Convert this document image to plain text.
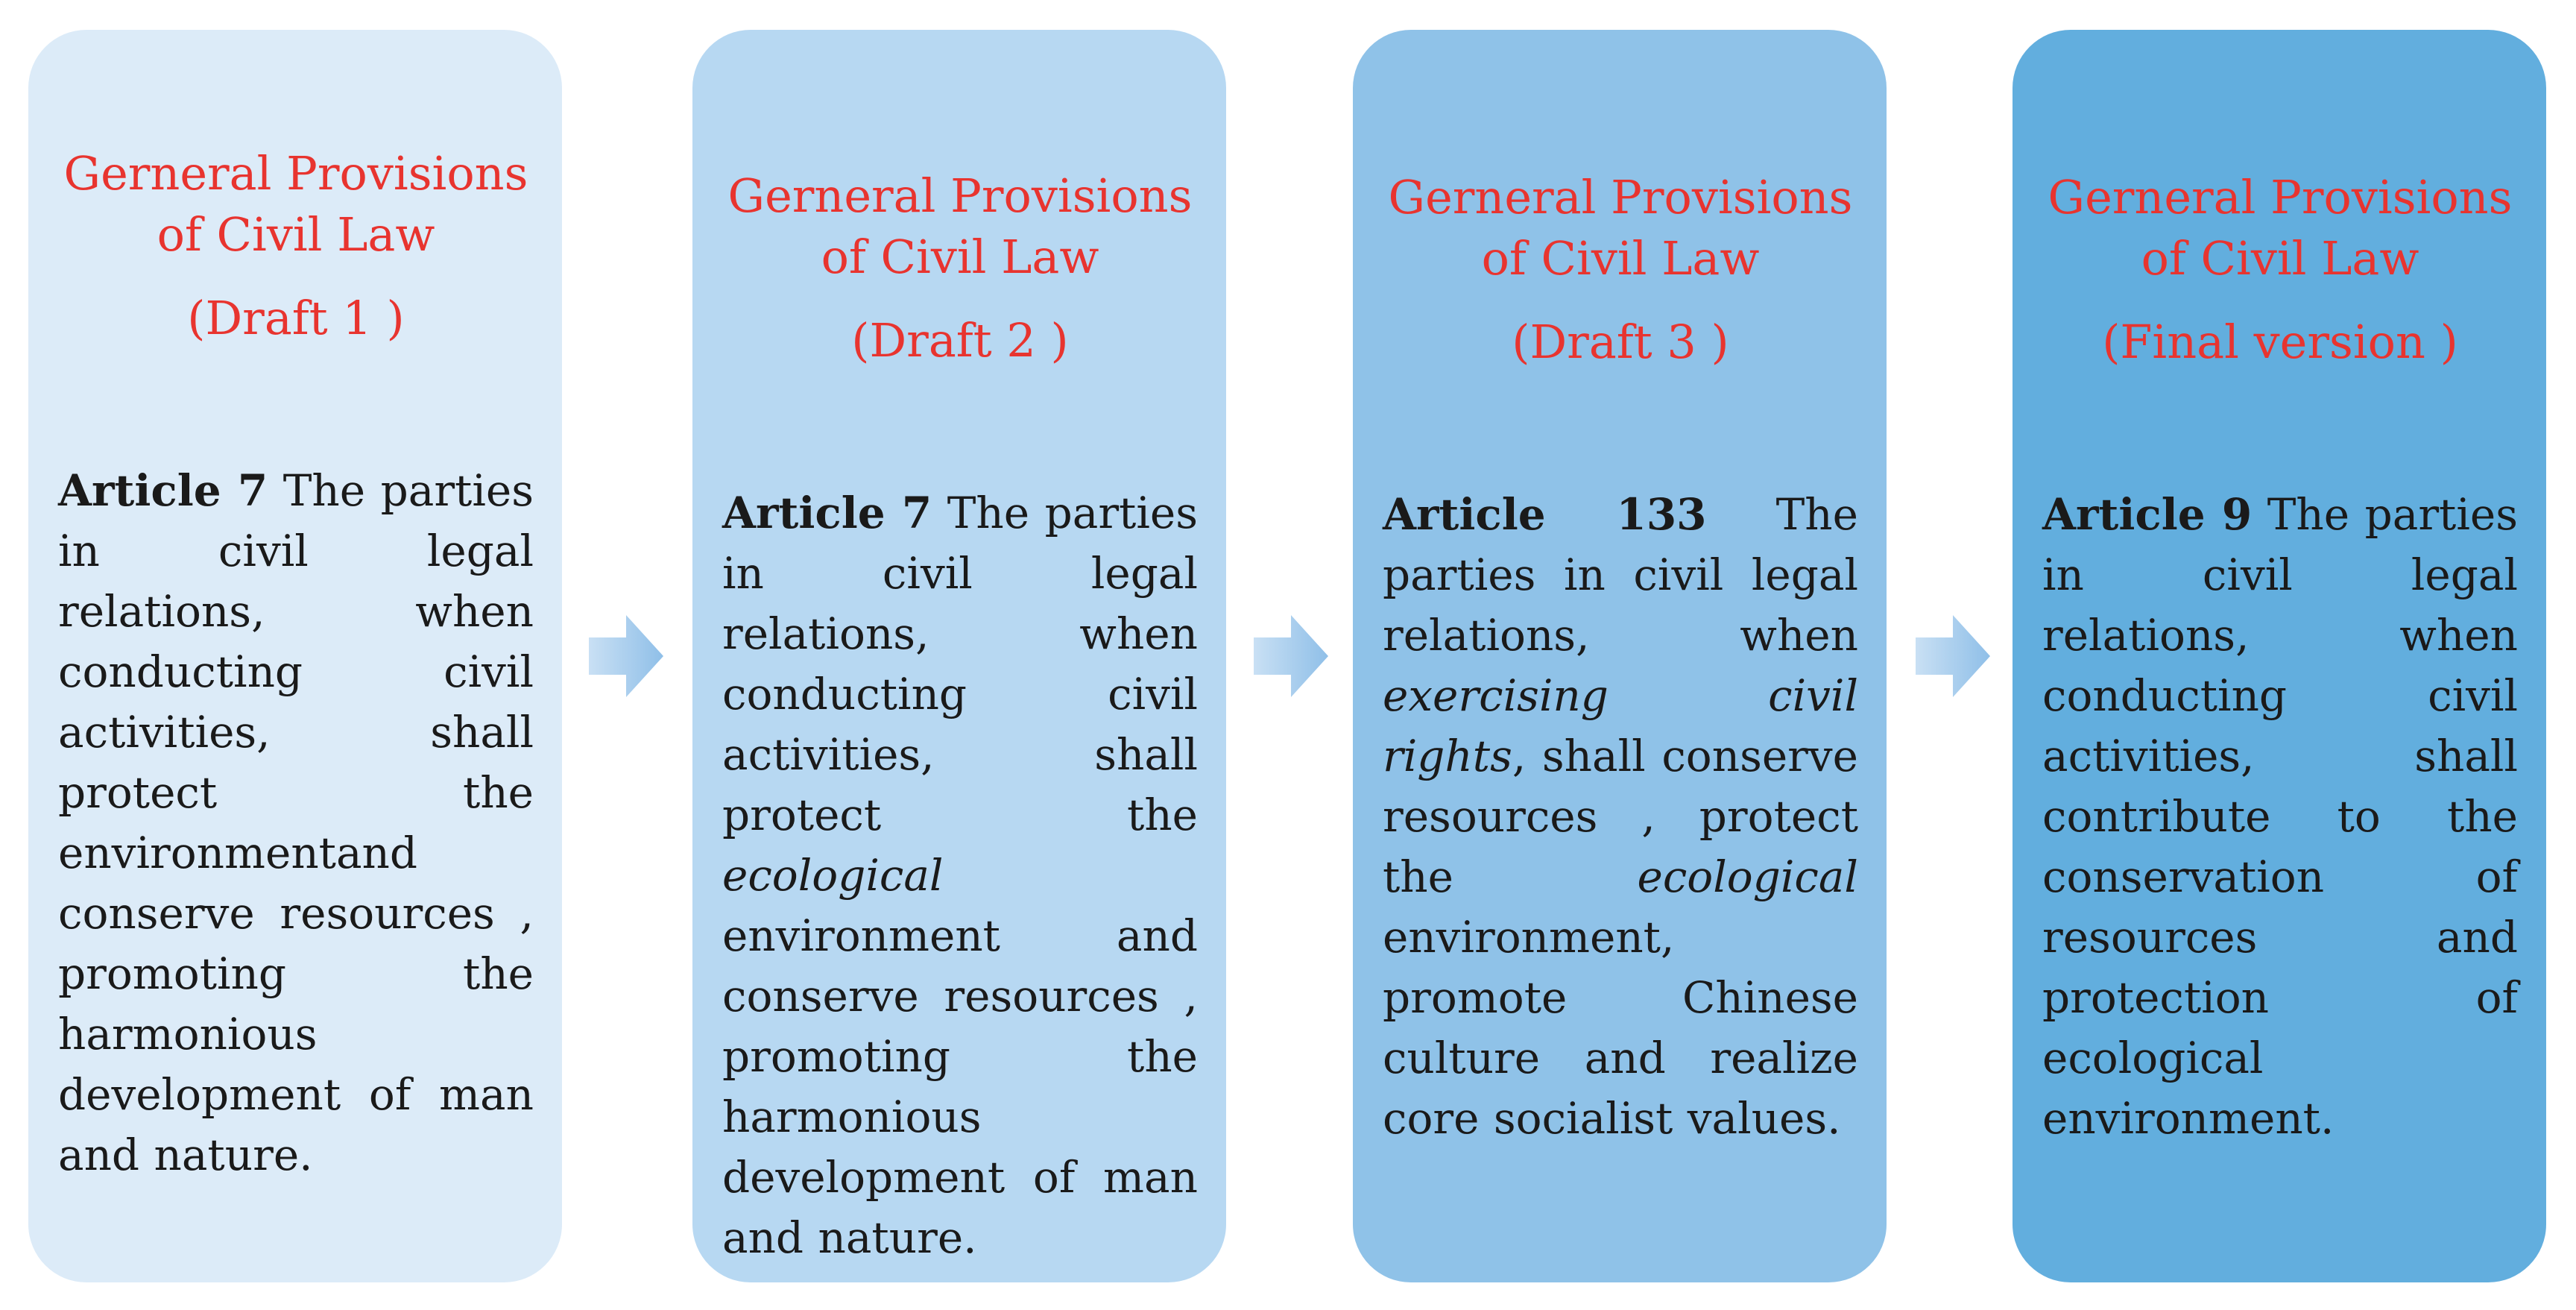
Gerneral Provisions
of Civil Law

(Draft 1 )
Article 7 The parties in civil legal relations, when conducting civil activities, shall protect the environmentand conserve resources , promoting the harmonious development of man and nature.

Gerneral Provisions
of Civil Law

(Draft 2 )
Article 7 The parties in civil legal relations, when conducting civil activities, shall protect the ecological environment and conserve resources , promoting the harmonious development of man and nature.

Gerneral Provisions
of Civil Law

(Draft 3 )
Article 133 The parties in civil legal relations, when exercising civil rights, shall conserve resources , protect the ecological environment, promote Chinese culture and realize core socialist values.

Gerneral Provisions
of Civil Law

(Final version )
Article 9 The parties in civil legal relations, when conducting civil activities, shall contribute to the conservation of resources and protection of ecological environment.
